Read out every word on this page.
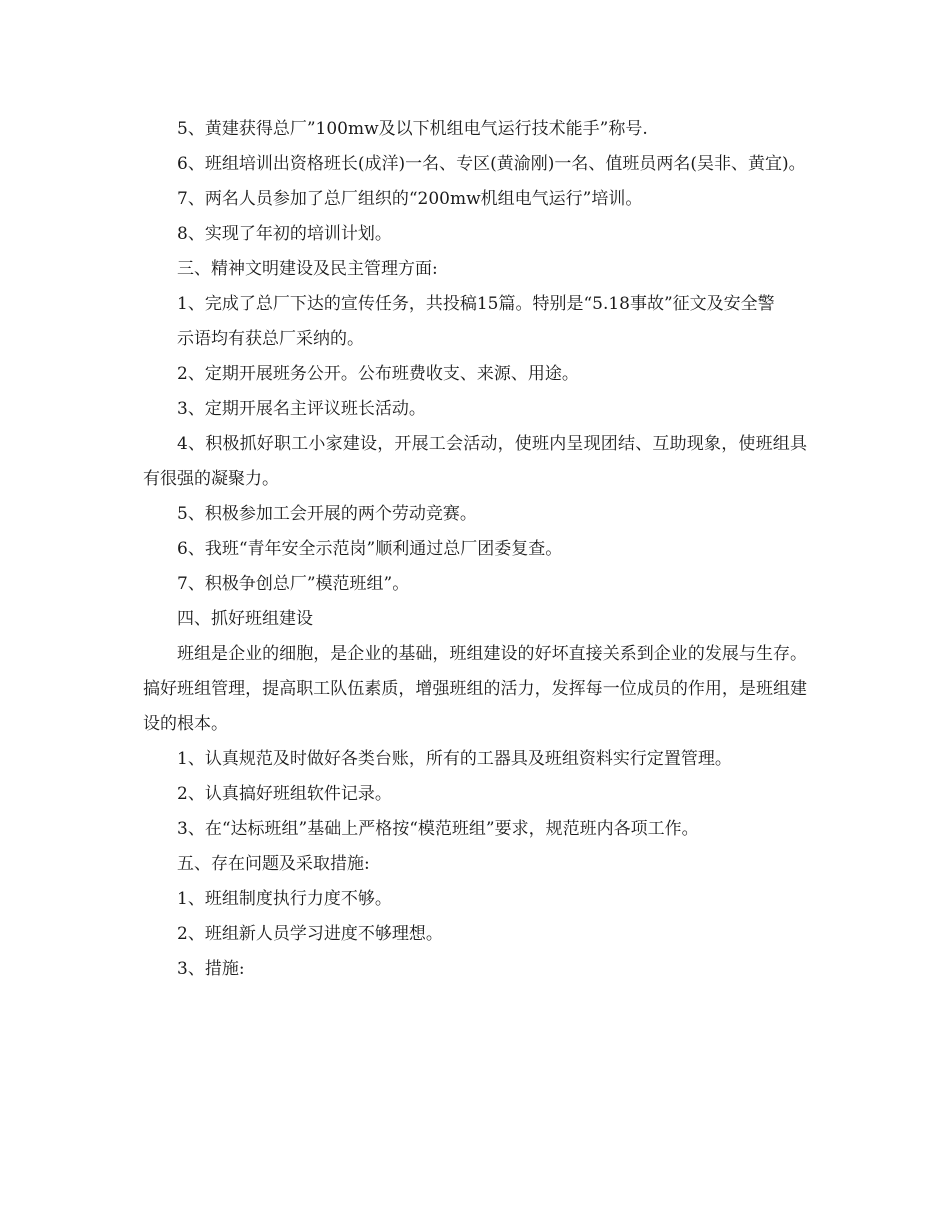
5、黄建获得总厂”100mw及以下机组电气运行技术能手”称号.

6、班组培训出资格班长(成洋)一名、专区(黄渝刚)一名、值班员两名(吴非、黄宜)。

7、两名人员参加了总厂组织的“200mw机组电气运行”培训。

8、实现了年初的培训计划。

三、精神文明建设及民主管理方面:

1、完成了总厂下达的宣传任务，共投稿15篇。特别是“5.18事故”征文及安全警

示语均有获总厂采纳的。

2、定期开展班务公开。公布班费收支、来源、用途。

3、定期开展名主评议班长活动。

4、积极抓好职工小家建设，开展工会活动，使班内呈现团结、互助现象，使班组具有很强的凝聚力。

5、积极参加工会开展的两个劳动竞赛。

6、我班“青年安全示范岗”顺利通过总厂团委复查。

7、积极争创总厂”模范班组”。

四、抓好班组建设

班组是企业的细胞，是企业的基础，班组建设的好坏直接关系到企业的发展与生存。搞好班组管理，提高职工队伍素质，增强班组的活力，发挥每一位成员的作用，是班组建设的根本。

1、认真规范及时做好各类台账，所有的工器具及班组资料实行定置管理。

2、认真搞好班组软件记录。

3、在“达标班组”基础上严格按“模范班组”要求，规范班内各项工作。

五、存在问题及采取措施:

1、班组制度执行力度不够。

2、班组新人员学习进度不够理想。

3、措施:
